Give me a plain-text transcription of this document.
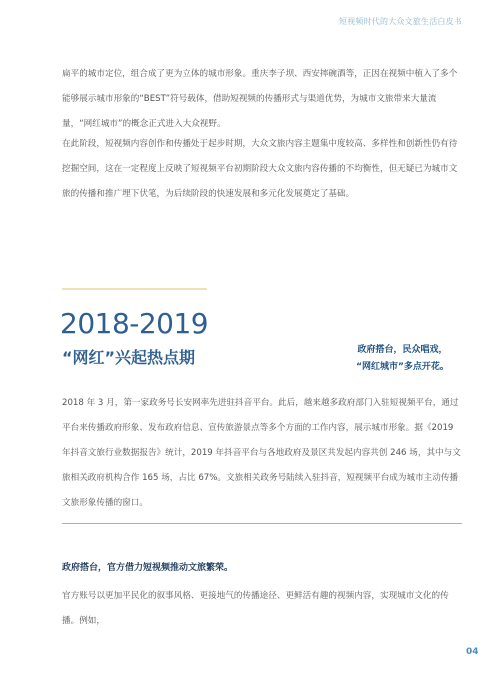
短视频时代的大众文旅生活白皮书
扁平的城市定位，组合成了更为立体的城市形象。重庆李子坝、西安摔碗酒等，正因在视频中植入了多个能够展示城市形象的“BEST”符号载体，借助短视频的传播形式与渠道优势，为城市文旅带来大量流量，“网红城市”的概念正式进入大众视野。
在此阶段，短视频内容创作和传播处于起步时期，大众文旅内容主题集中度较高、多样性和创新性仍有待挖掘空间，这在一定程度上反映了短视频平台初期阶段大众文旅内容传播的不均衡性，但无疑已为城市文旅的传播和推广埋下伏笔，为后续阶段的快速发展和多元化发展奠定了基础。
2018-2019
“网红”兴起热点期	政府搭台，民众唱戏，
“网红城市”多点开花。
2018 年 3 月，第一家政务号长安网率先进驻抖音平台。此后，越来越多政府部门入驻短视频平台，通过平台来传播政府形象、发布政府信息、宣传旅游景点等多个方面的工作内容，展示城市形象。据《2019 年抖音文旅行业数据报告》统计，2019 年抖音平台与各地政府及景区共发起内容共创 246 场，其中与文旅相关政府机构合作 165 场，占比 67%。文旅相关政务号陆续入驻抖音，短视频平台成为城市主动传播文旅形象传播的窗口。
政府搭台，官方借力短视频推动文旅繁荣。
官方账号以更加平民化的叙事风格、更接地气的传播途径、更鲜活有趣的视频内容，实现城市文化的传播。例如，
04
